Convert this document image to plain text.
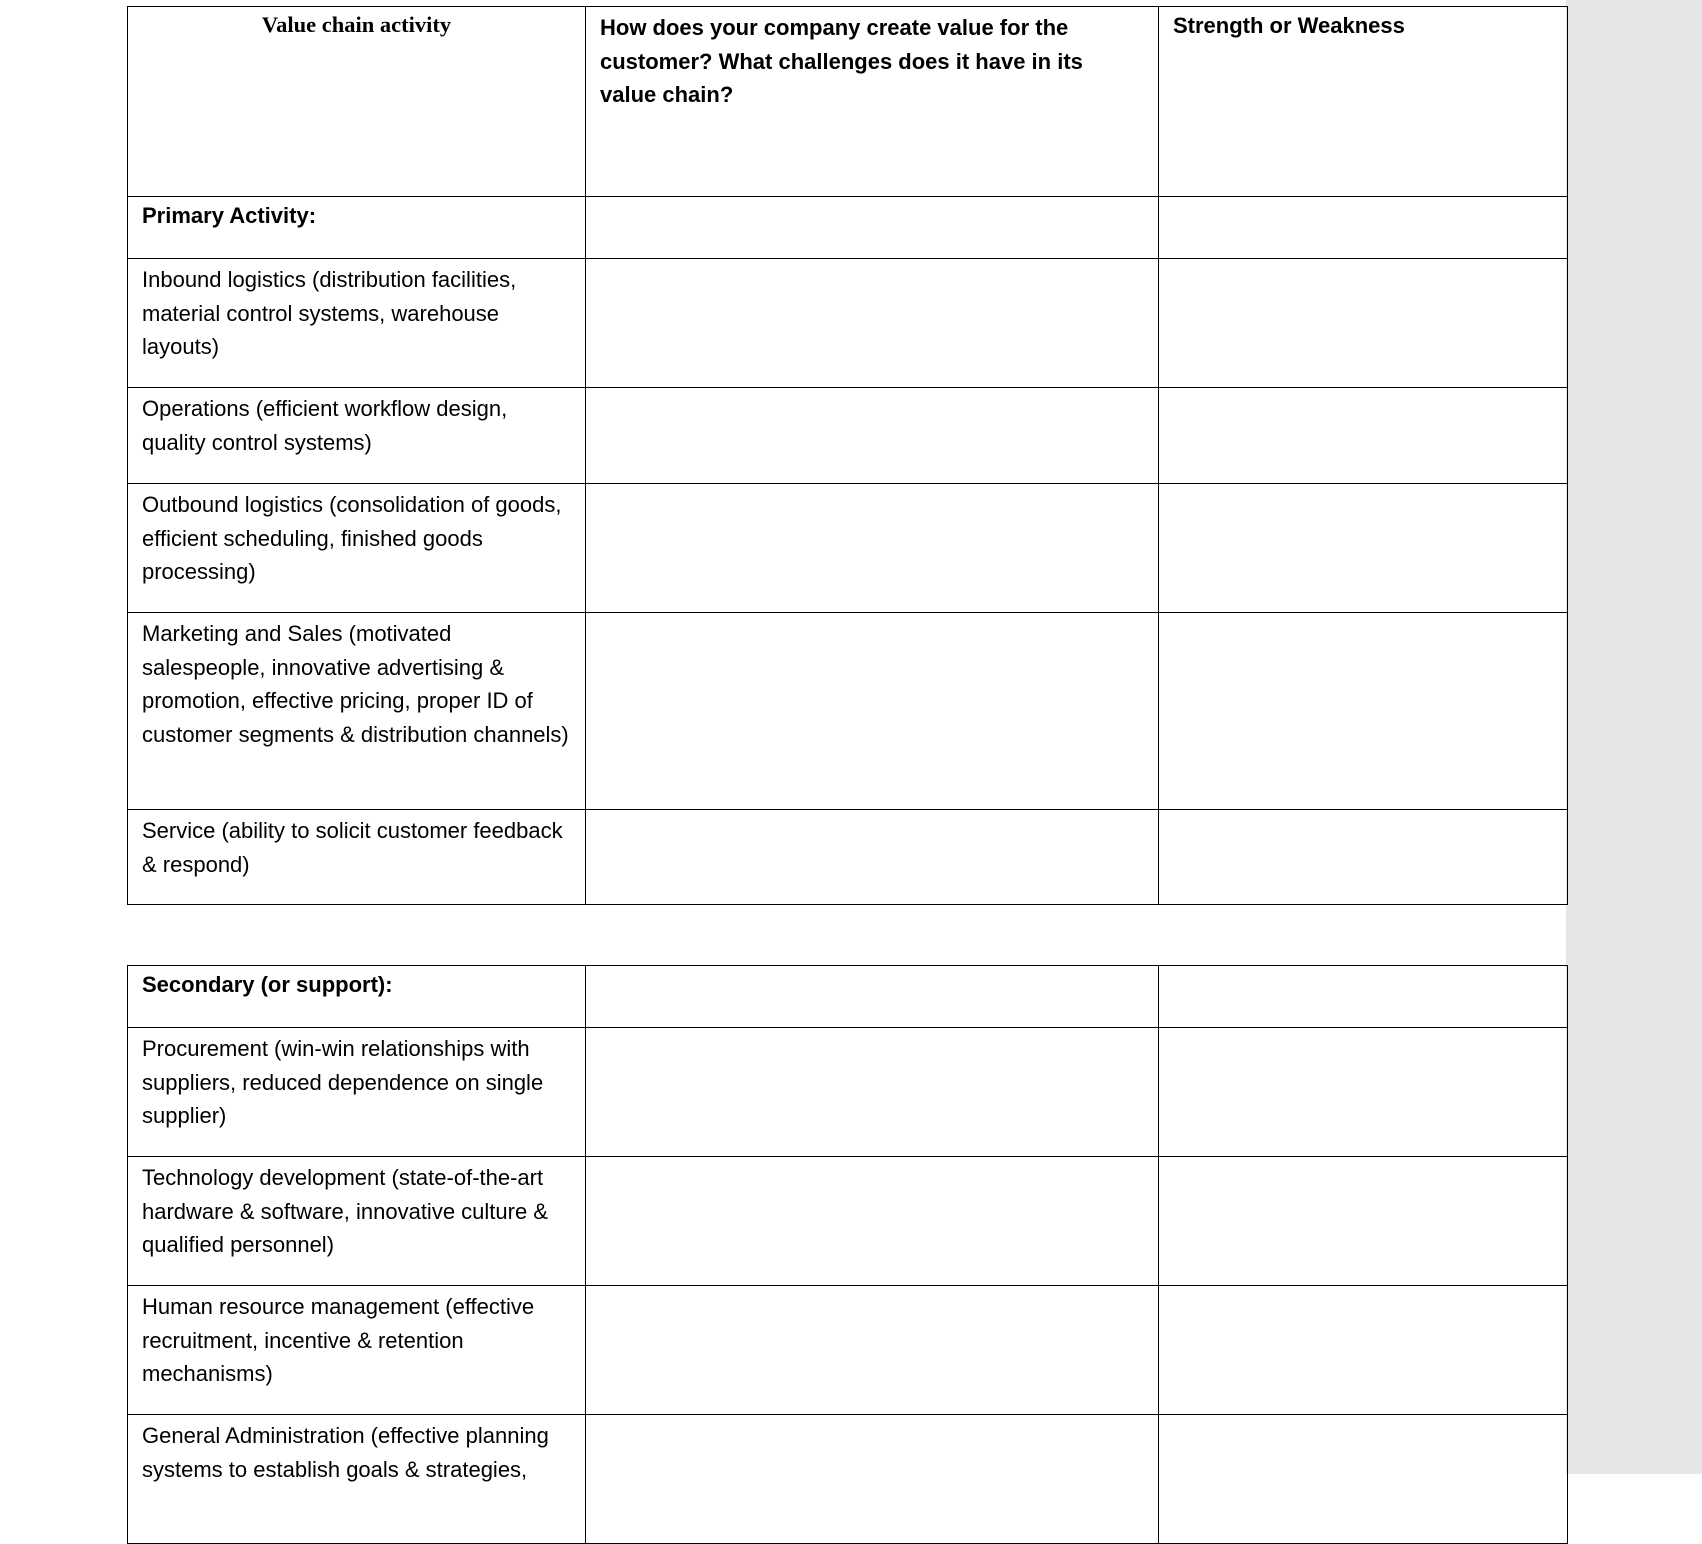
Value chain activity	How does your company create value for the customer? What challenges does it have in its value chain?	Strength or Weakness
Primary Activity:		
Inbound logistics (distribution facilities, material control systems, warehouse layouts)		
Operations (efficient workflow design, quality control systems)		
Outbound logistics (consolidation of goods, efficient scheduling, finished goods processing)		
Marketing and Sales (motivated salespeople, innovative advertising & promotion, effective pricing, proper ID of customer segments & distribution channels)		
Service (ability to solicit customer feedback & respond)		
Secondary (or support):		
Procurement (win-win relationships with suppliers, reduced dependence on single supplier)		
Technology development (state-of-the-art hardware & software, innovative culture & qualified personnel)		
Human resource management (effective recruitment, incentive & retention mechanisms)		
General Administration (effective planning systems to establish goals & strategies,		
